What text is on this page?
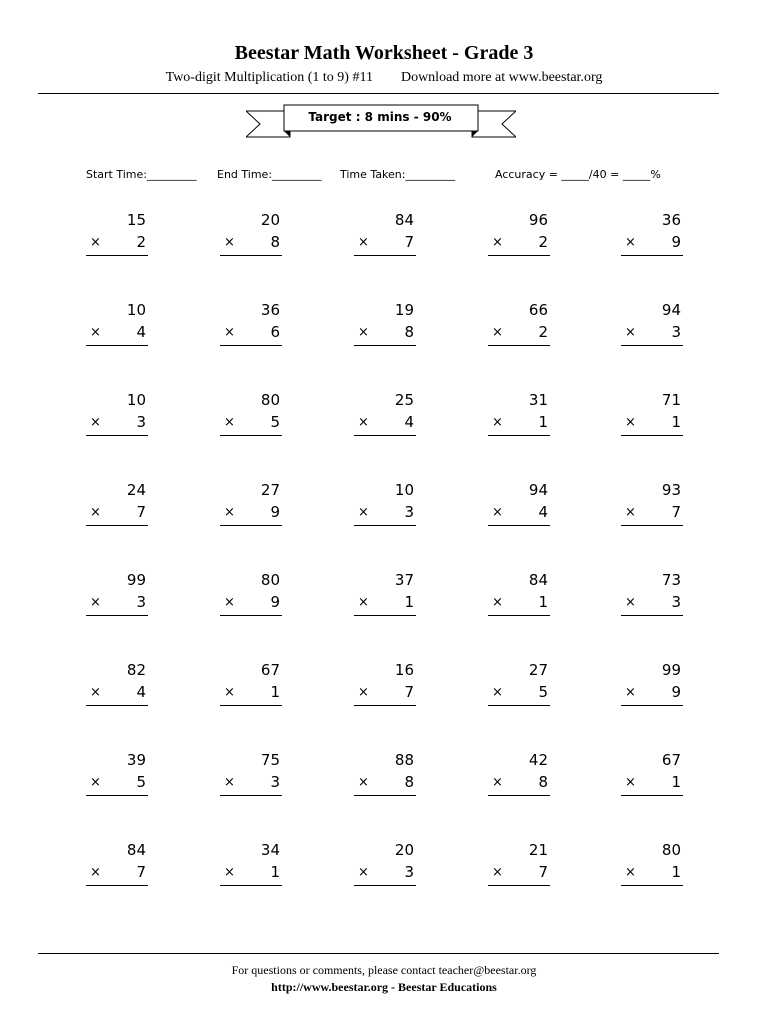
Beestar Math Worksheet - Grade 3
Two-digit Multiplication (1 to 9) #11 Download more at www.beestar.org
Target : 8 mins - 90%
Start Time:_________ End Time:_________ Time Taken:_________	Accuracy = _____/40 = _____%
15
× 2
20
× 8
84
× 7
96
× 2
36
× 9
10
× 4
36
× 6
19
× 8
66
× 2
94
× 3
10
× 3
80
× 5
25
× 4
31
× 1
71
× 1
24
× 7
27
× 9
10
× 3
94
× 4
93
× 7
99
× 3
80
× 9
37
× 1
84
× 1
73
× 3
82
× 4
67
× 1
16
× 7
27
× 5
99
× 9
39
× 5
75
× 3
88
× 8
42
× 8
67
× 1
84
× 7
34
× 1
20
× 3
21
× 7
80
× 1
For questions or comments, please contact teacher@beestar.org
http://www.beestar.org - Beestar Educations
